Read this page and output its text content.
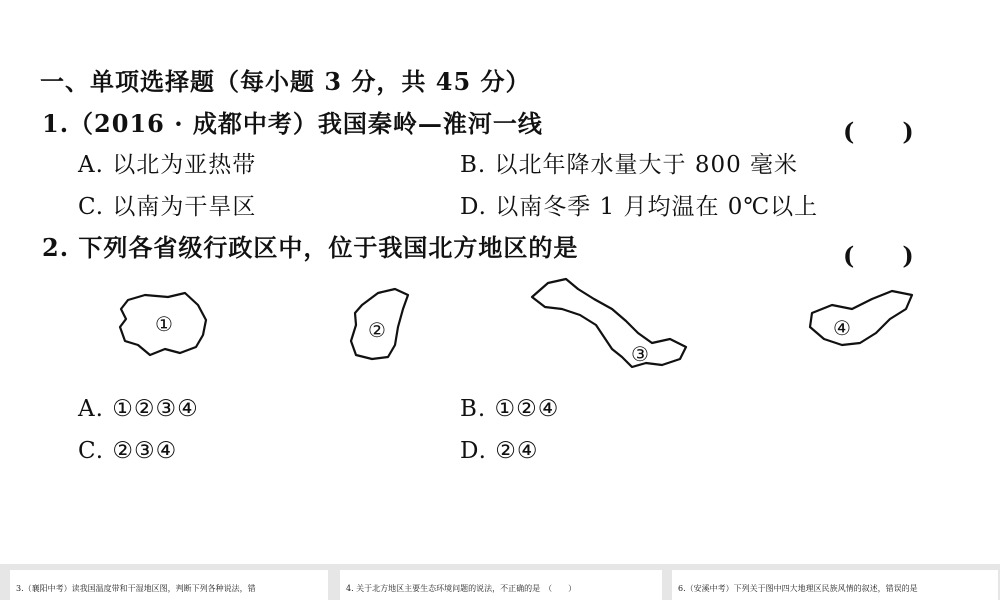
一、单项选择题（每小题 3 分，共 45 分）
1.（2016 · 成都中考）我国秦岭—淮河一线	(　　)
A. 以北为亚热带	B. 以北年降水量大于 800 毫米
C. 以南为干旱区	D. 以南冬季 1 月均温在 0℃以上
2. 下列各省级行政区中，位于我国北方地区的是	(　　)
①	②
③
④
A. ①②③④	B. ①②④
C. ②③④	D. ②④
3.（襄阳中考）读我国温度带和干湿地区图，判断下列各种说法，错	4. 关于北方地区主要生态环境问题的说法，不正确的是　（　　）	6.（安溪中考）下列关于图中四大地理区民族风情的叙述，错误的是
